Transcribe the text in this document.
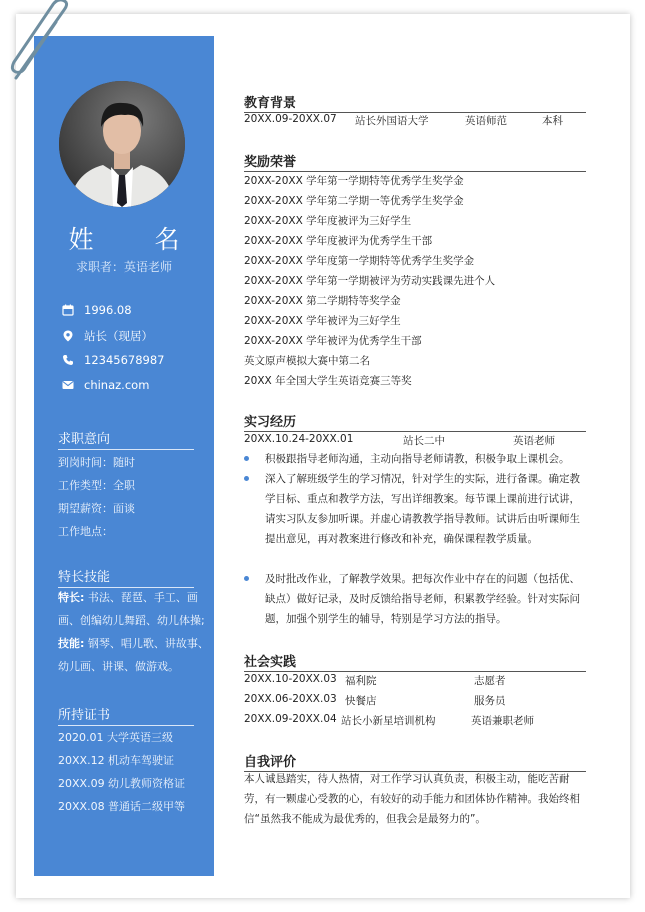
姓　名
求职者：英语老师
1996.08
站长（现居）
12345678987
chinaz.com
求职意向
到岗时间：随时
工作类型：全职
期望薪资：面谈
工作地点：
特长技能
特长: 书法、琵琶、手工、画画、创编幼儿舞蹈、幼儿体操;
技能: 钢琴、唱儿歌、讲故事、幼儿画、讲课、做游戏。
所持证书
2020.01 大学英语三级
20XX.12 机动车驾驶证
20XX.09 幼儿教师资格证
20XX.08 普通话二级甲等
教育背景
20XX.09-20XX.07 站长外国语大学	英语师范	本科
奖励荣誉
20XX-20XX 学年第一学期特等优秀学生奖学金
20XX-20XX 学年第二学期一等优秀学生奖学金
20XX-20XX 学年度被评为三好学生
20XX-20XX 学年度被评为优秀学生干部
20XX-20XX 学年度第一学期特等优秀学生奖学金
20XX-20XX 学年第一学期被评为劳动实践课先进个人
20XX-20XX 第二学期特等奖学金
20XX-20XX 学年被评为三好学生
20XX-20XX 学年被评为优秀学生干部
英文原声模拟大赛中第二名
20XX 年全国大学生英语竞赛三等奖
实习经历
20XX.10.24-20XX.01	站长二中	英语老师
积极跟指导老师沟通，主动向指导老师请教，积极争取上课机会。
深入了解班级学生的学习情况，针对学生的实际，进行备课。确定教学目标、重点和教学方法，写出详细教案。每节课上课前进行试讲，请实习队友参加听课。并虚心请教教学指导教师。试讲后由听课师生提出意见，再对教案进行修改和补充，确保课程教学质量。
及时批改作业，了解教学效果。把每次作业中存在的问题（包括优、缺点）做好记录，及时反馈给指导老师，积累教学经验。针对实际问题，加强个别学生的辅导，特别是学习方法的指导。
社会实践
20XX.10-20XX.03 福利院	志愿者
20XX.06-20XX.03 快餐店	服务员
20XX.09-20XX.04 站长小新星培训机构	英语兼职老师
自我评价
本人诚恳踏实，待人热情，对工作学习认真负责，积极主动，能吃苦耐劳，有一颗虚心受教的心，有较好的动手能力和团体协作精神。我始终相信“虽然我不能成为最优秀的，但我会是最努力的”。
